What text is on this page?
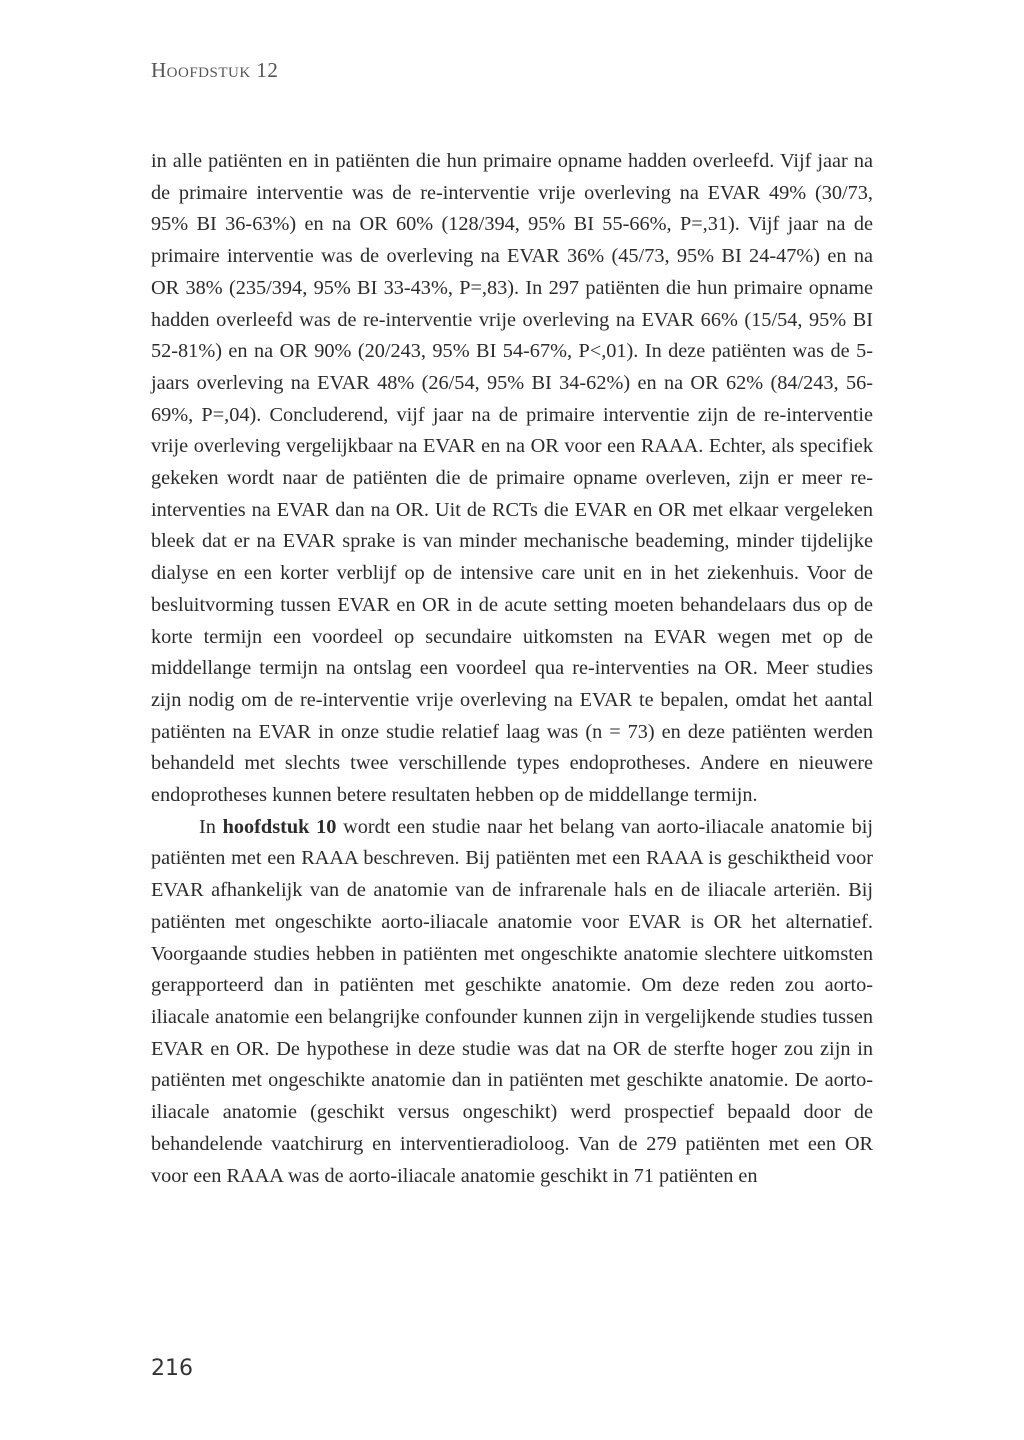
Hoofdstuk 12

in alle patiënten en in patiënten die hun primaire opname hadden overleefd. Vijf jaar na de primaire interventie was de re-interventie vrije overleving na EVAR 49% (30/73, 95% BI 36-63%) en na OR 60% (128/394, 95% BI 55-66%, P=,31). Vijf jaar na de primaire interventie was de overleving na EVAR 36% (45/73, 95% BI 24-47%) en na OR 38% (235/394, 95% BI 33-43%, P=,83). In 297 patiënten die hun primaire opname hadden overleefd was de re-interventie vrije overleving na EVAR 66% (15/54, 95% BI 52-81%) en na OR 90% (20/243, 95% BI 54-67%, P<,01). In deze patiënten was de 5-jaars overleving na EVAR 48% (26/54, 95% BI 34-62%) en na OR 62% (84/243, 56-69%, P=,04). Concluderend, vijf jaar na de primaire interventie zijn de re-interventie vrije overleving vergelijkbaar na EVAR en na OR voor een RAAA. Echter, als specifiek gekeken wordt naar de patiënten die de primaire opname overleven, zijn er meer re-interventies na EVAR dan na OR. Uit de RCTs die EVAR en OR met elkaar vergeleken bleek dat er na EVAR sprake is van minder mechanische beademing, minder tijdelijke dialyse en een korter verblijf op de intensive care unit en in het ziekenhuis. Voor de besluitvorming tussen EVAR en OR in de acute setting moeten behandelaars dus op de korte termijn een voordeel op secundaire uitkomsten na EVAR wegen met op de middellange termijn na ontslag een voordeel qua re-interventies na OR. Meer studies zijn nodig om de re-interventie vrije overleving na EVAR te bepalen, omdat het aantal patiënten na EVAR in onze studie relatief laag was (n = 73) en deze patiënten werden behandeld met slechts twee verschillende types endoprotheses. Andere en nieuwere endoprotheses kunnen betere resultaten hebben op de middellange termijn.

In hoofdstuk 10 wordt een studie naar het belang van aorto-iliacale anatomie bij patiënten met een RAAA beschreven. Bij patiënten met een RAAA is geschiktheid voor EVAR afhankelijk van de anatomie van de infrarenale hals en de iliacale arteriën. Bij patiënten met ongeschikte aorto-iliacale anatomie voor EVAR is OR het alternatief. Voorgaande studies hebben in patiënten met ongeschikte anatomie slechtere uitkomsten gerapporteerd dan in patiënten met geschikte anatomie. Om deze reden zou aorto-iliacale anatomie een belangrijke confounder kunnen zijn in vergelijkende studies tussen EVAR en OR. De hypothese in deze studie was dat na OR de sterfte hoger zou zijn in patiënten met ongeschikte anatomie dan in patiënten met geschikte anatomie. De aorto-iliacale anatomie (geschikt versus ongeschikt) werd prospectief bepaald door de behandelende vaatchirurg en interventieradioloog. Van de 279 patiënten met een OR voor een RAAA was de aorto-iliacale anatomie geschikt in 71 patiënten en

216
